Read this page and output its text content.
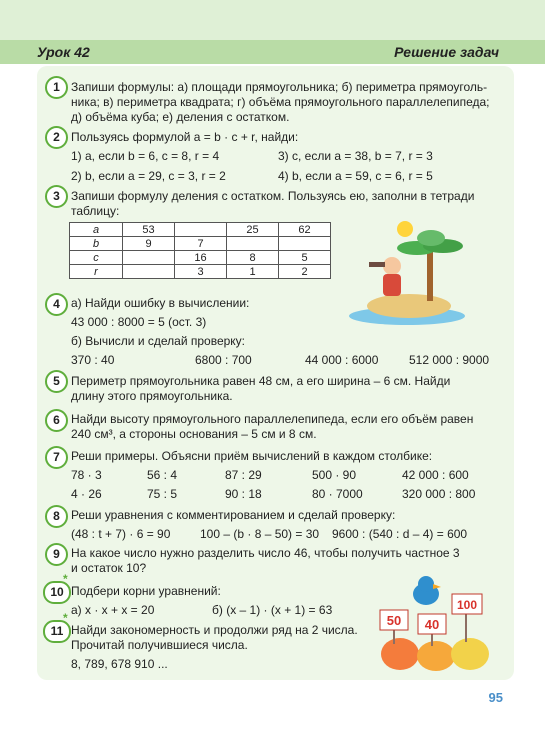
Урок 42	Решение задач
1 Запиши формулы: а) площади прямоугольника; б) периметра прямоуголь-
ника; в) периметра квадрата; г) объёма прямоугольного параллелепипеда;
д) объёма куба; е) деления с остатком.
2 Пользуясь формулой a = b · c + r, найди:
1) a, если b = 6, c = 8, r = 4	3) c, если a = 38, b = 7, r = 3
2) b, если a = 29, c = 3, r = 2	4) b, если a = 59, c = 6, r = 5
3 Запиши формулу деления с остатком. Пользуясь ею, заполни в тетради
таблицу:
a	53		25	62
b	9	7		
c		16	8	5
r		3	1	2
4 а) Найди ошибку в вычислении:
43 000 : 8000 = 5 (ост. 3)
б) Вычисли и сделай проверку:
370 : 40	6800 : 700	44 000 : 6000	512 000 : 9000
5 Периметр прямоугольника равен 48 см, а его ширина – 6 см. Найди
длину этого прямоугольника.
6 Найди высоту прямоугольного параллелепипеда, если его объём равен
240 см³, а стороны основания – 5 см и 8 см.
7 Реши примеры. Объясни приём вычислений в каждом столбике:
78 · 3	56 : 4	87 : 29	500 · 90	42 000 : 600
4 · 26	75 : 5	90 : 18	80 · 7000	320 000 : 800
8 Реши уравнения с комментированием и сделай проверку:
(48 : t + 7) · 6 = 90 100 – (b · 8 – 50) = 30 9600 : (540 : d – 4) = 600
9 На какое число нужно разделить число 46, чтобы получить частное 3
и остаток 10?
10
*
Подбери корни уравнений:
а) x · x + x = 20	б) (x – 1) · (x + 1) = 63
11
*
Найди закономерность и продолжи ряд на 2 числа.
Прочитай получившиеся числа.
8, 789, 678 910 ...
50 40
100
95
